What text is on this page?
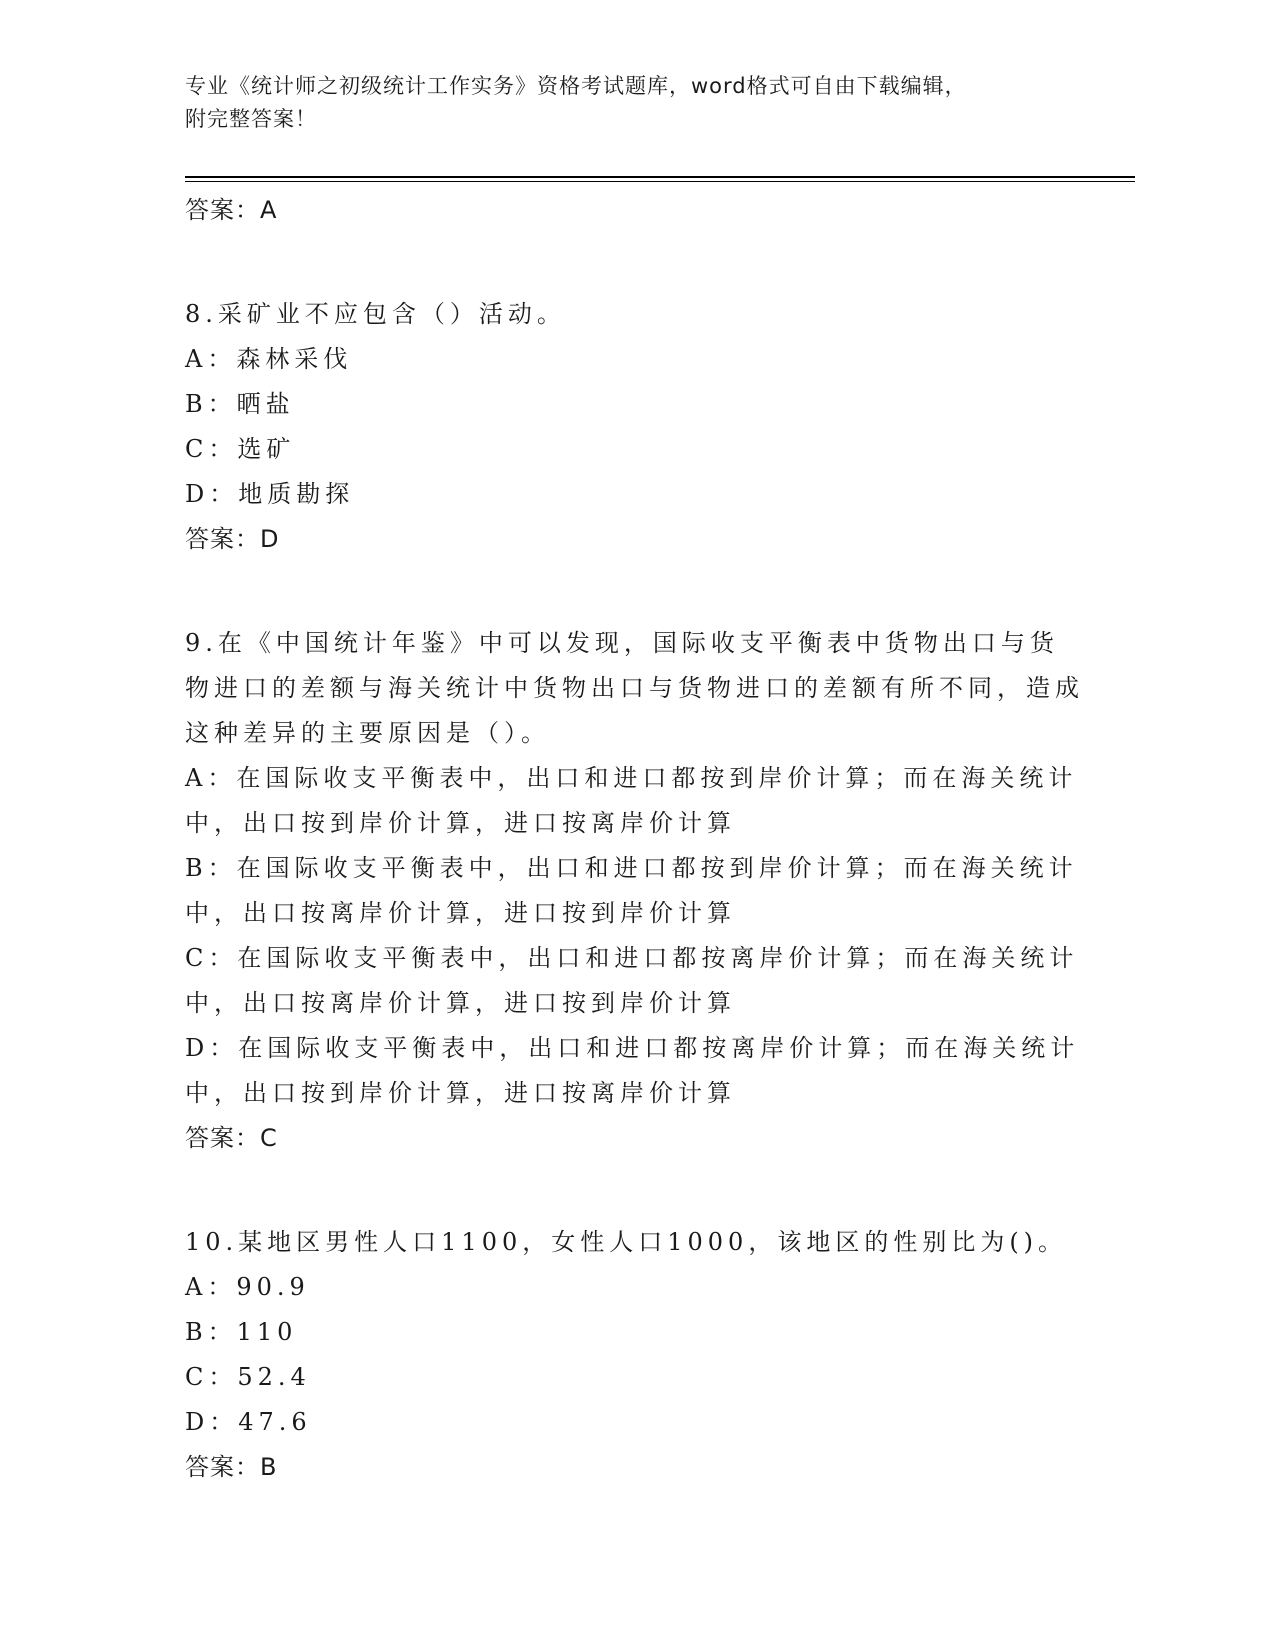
专业《统计师之初级统计工作实务》资格考试题库，word格式可自由下载编辑，
附完整答案！
答案：A
8.采矿业不应包含（）活动。
A：森林采伐
B：晒盐
C：选矿
D：地质勘探
答案：D
9.在《中国统计年鉴》中可以发现，国际收支平衡表中货物出口与货物进口的差额与海关统计中货物出口与货物进口的差额有所不同，造成这种差异的主要原因是（）。
A：在国际收支平衡表中，出口和进口都按到岸价计算；而在海关统计中，出口按到岸价计算，进口按离岸价计算
B：在国际收支平衡表中，出口和进口都按到岸价计算；而在海关统计中，出口按离岸价计算，进口按到岸价计算
C：在国际收支平衡表中，出口和进口都按离岸价计算；而在海关统计中，出口按离岸价计算，进口按到岸价计算
D：在国际收支平衡表中，出口和进口都按离岸价计算；而在海关统计中，出口按到岸价计算，进口按离岸价计算
答案：C
10.某地区男性人口1100，女性人口1000，该地区的性别比为()。
A：90.9
B：110
C：52.4
D：47.6
答案：B
